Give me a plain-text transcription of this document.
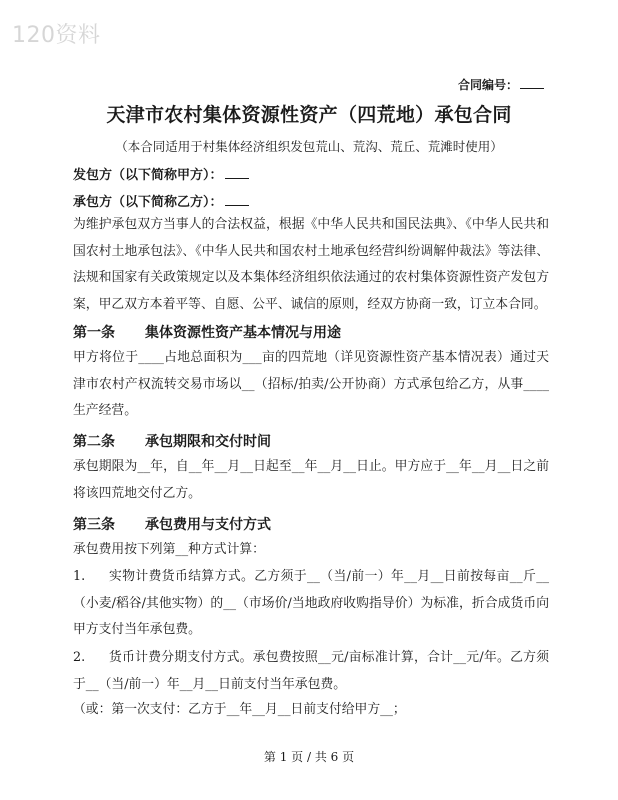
120资料
合同编号：
天津市农村集体资源性资产（四荒地）承包合同
（本合同适用于村集体经济组织发包荒山、荒沟、荒丘、荒滩时使用）
发包方（以下简称甲方）：
承包方（以下简称乙方）：
为维护承包双方当事人的合法权益，根据《中华人民共和国民法典》、《中华人民共和国农村土地承包法》、《中华人民共和国农村土地承包经营纠纷调解仲裁法》等法律、法规和国家有关政策规定以及本集体经济组织依法通过的农村集体资源性资产发包方案，甲乙双方本着平等、自愿、公平、诚信的原则，经双方协商一致，订立本合同。
第一条 集体资源性资产基本情况与用途
甲方将位于____占地总面积为___亩的四荒地（详见资源性资产基本情况表）通过天津市农村产权流转交易市场以__（招标/拍卖/公开协商）方式承包给乙方，从事____生产经营。
第二条 承包期限和交付时间
承包期限为__年，自__年__月__日起至__年__月__日止。甲方应于__年__月__日之前将该四荒地交付乙方。
第三条 承包费用与支付方式
承包费用按下列第__种方式计算：
1. 实物计费货币结算方式。乙方须于__（当/前一）年__月__日前按每亩__斤__（小麦/稻谷/其他实物）的__（市场价/当地政府收购指导价）为标准，折合成货币向甲方支付当年承包费。
2. 货币计费分期支付方式。承包费按照__元/亩标准计算，合计__元/年。乙方须于__（当/前一）年__月__日前支付当年承包费。
（或：第一次支付：乙方于__年__月__日前支付给甲方__；
第 1 页 / 共 6 页
